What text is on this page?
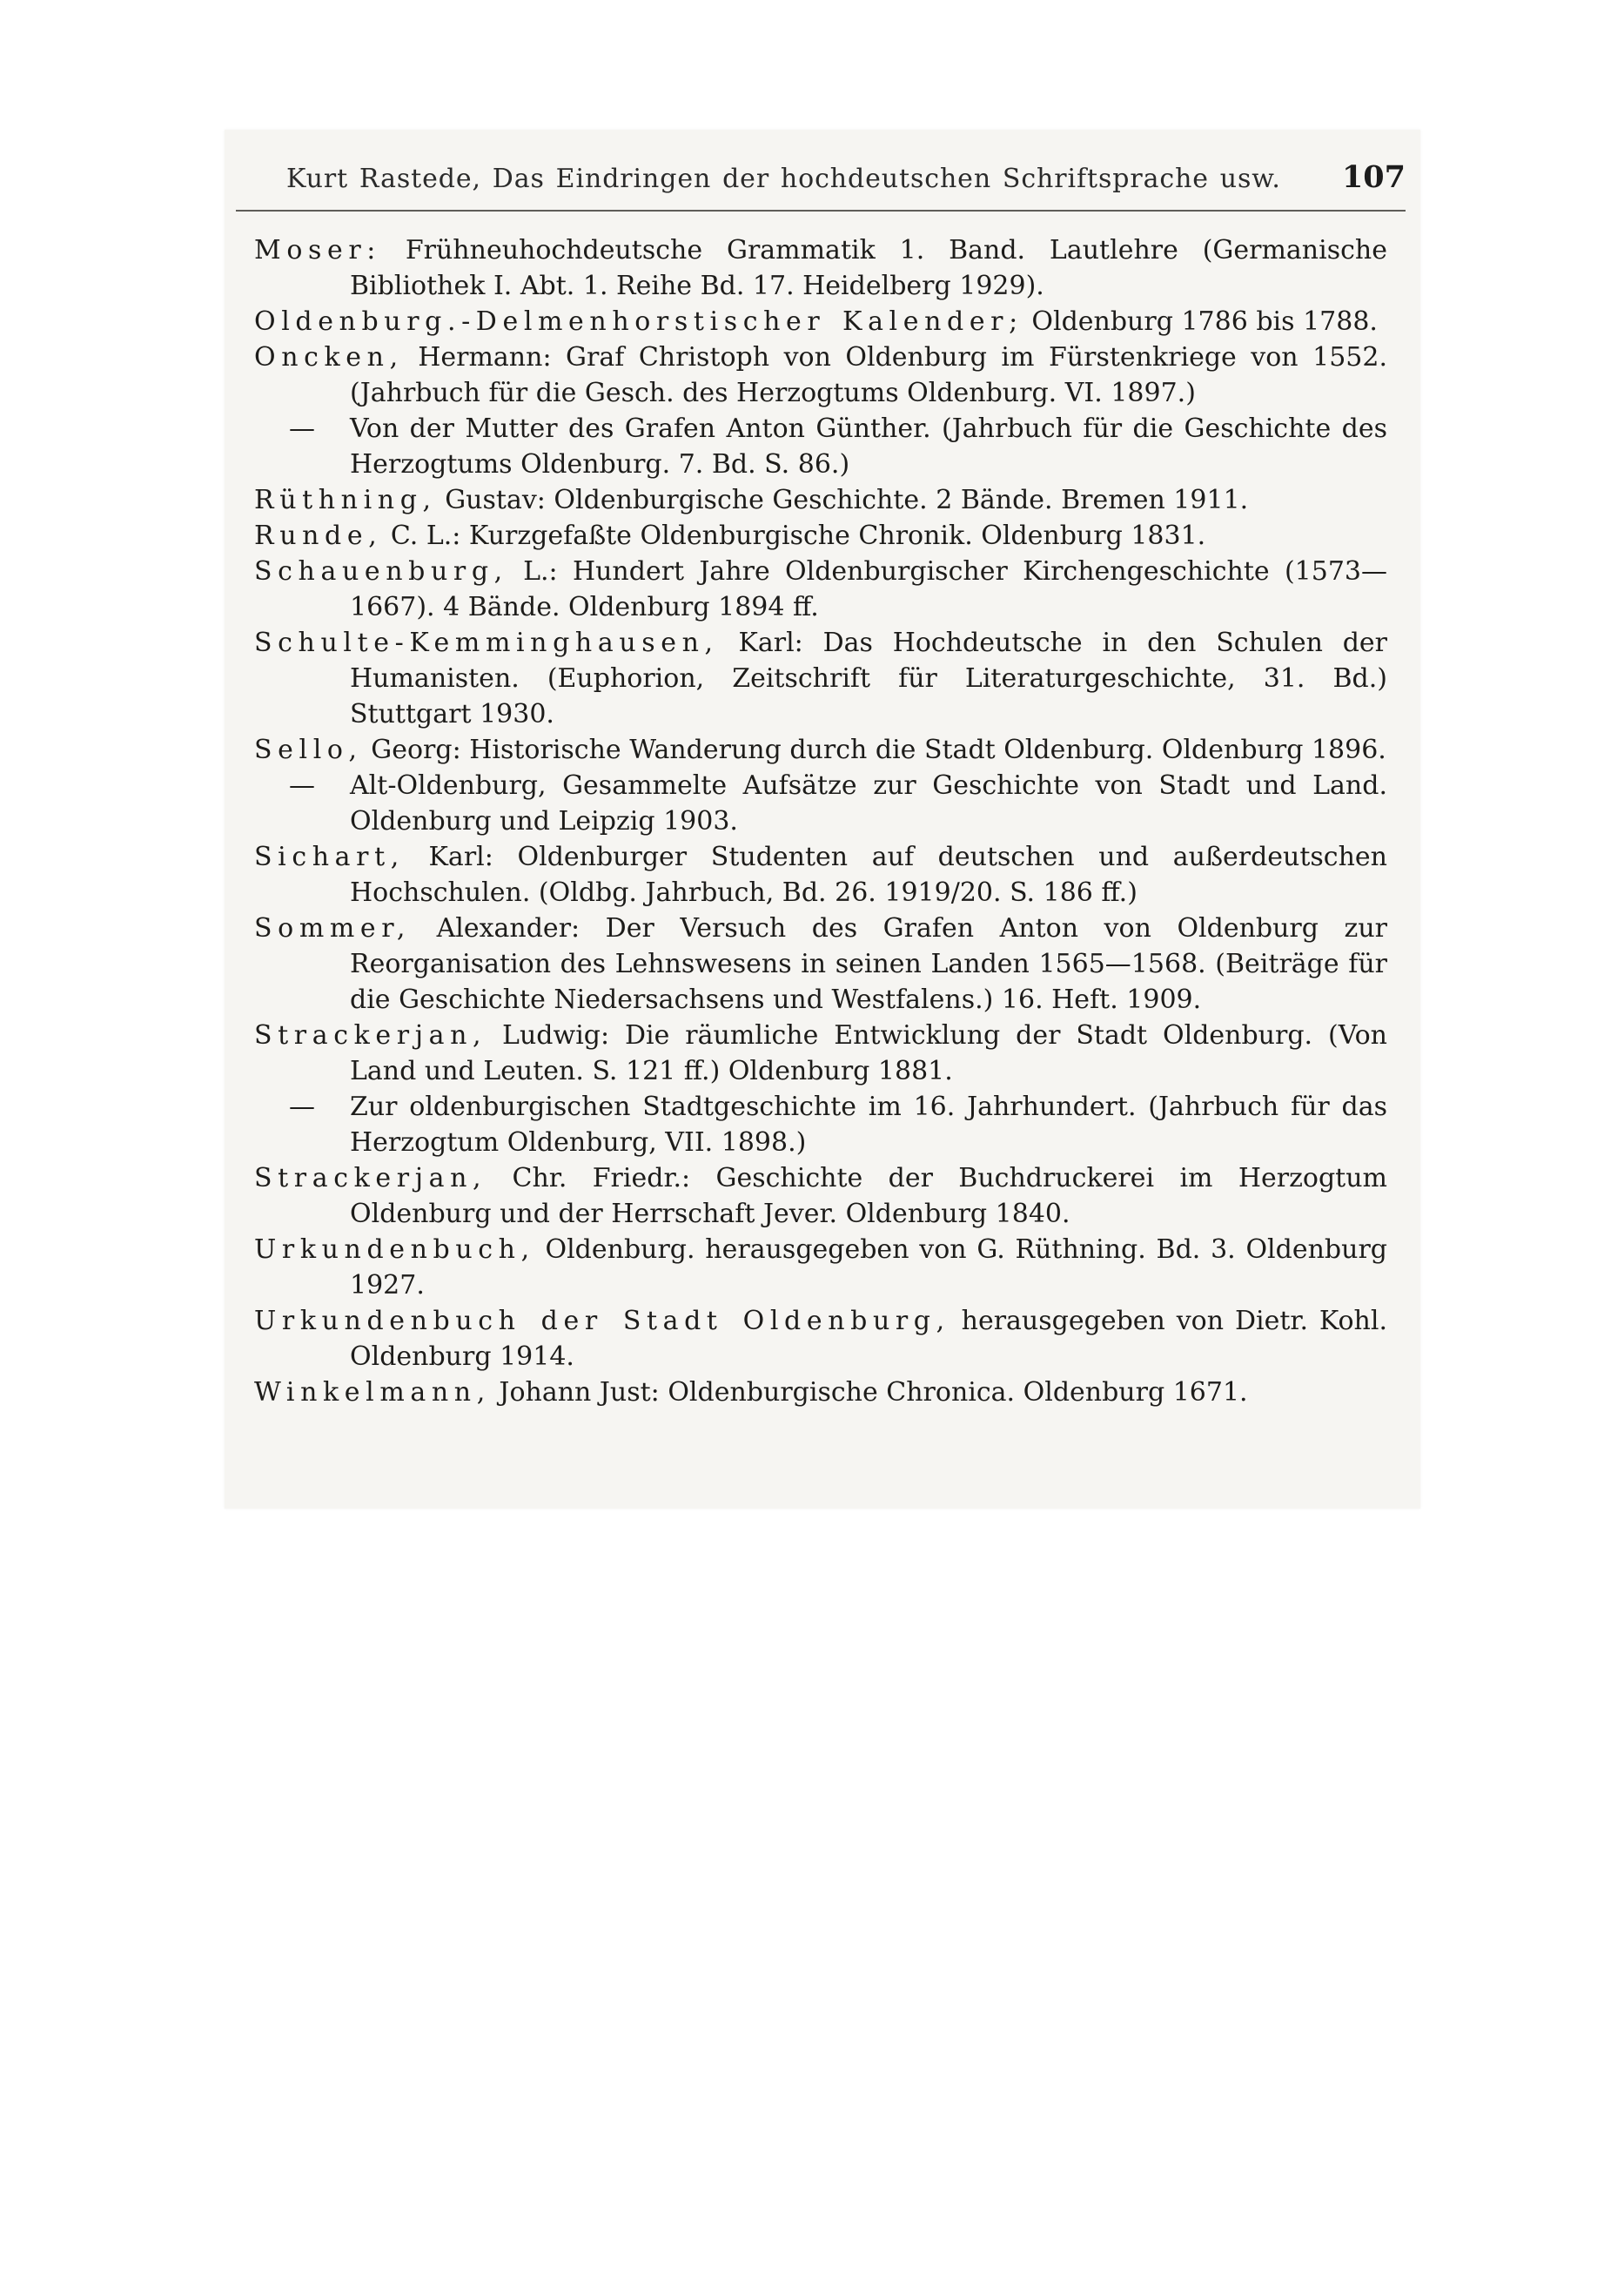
Kurt Rastede, Das Eindringen der hochdeutschen Schriftsprache usw. 107

Moser: Frühneuhochdeutsche Grammatik 1. Band. Lautlehre (Germanische Bibliothek I. Abt. 1. Reihe Bd. 17. Heidelberg 1929).

Oldenburg.-Delmenhorstischer Kalender; Oldenburg 1786 bis 1788.

Oncken, Hermann: Graf Christoph von Oldenburg im Fürstenkriege von 1552. (Jahrbuch für die Gesch. des Herzogtums Oldenburg. VI. 1897.)

— Von der Mutter des Grafen Anton Günther. (Jahrbuch für die Geschichte des Herzogtums Oldenburg. 7. Bd. S. 86.)

Rüthning, Gustav: Oldenburgische Geschichte. 2 Bände. Bremen 1911.

Runde, C. L.: Kurzgefaßte Oldenburgische Chronik. Oldenburg 1831.

Schauenburg, L.: Hundert Jahre Oldenburgischer Kirchengeschichte (1573—1667). 4 Bände. Oldenburg 1894 ff.

Schulte-Kemminghausen, Karl: Das Hochdeutsche in den Schulen der Humanisten. (Euphorion, Zeitschrift für Literaturgeschichte, 31. Bd.) Stuttgart 1930.

Sello, Georg: Historische Wanderung durch die Stadt Oldenburg. Oldenburg 1896.

— Alt-Oldenburg, Gesammelte Aufsätze zur Geschichte von Stadt und Land. Oldenburg und Leipzig 1903.

Sichart, Karl: Oldenburger Studenten auf deutschen und außerdeutschen Hochschulen. (Oldbg. Jahrbuch, Bd. 26. 1919/20. S. 186 ff.)

Sommer, Alexander: Der Versuch des Grafen Anton von Oldenburg zur Reorganisation des Lehnswesens in seinen Landen 1565—1568. (Beiträge für die Geschichte Niedersachsens und Westfalens.) 16. Heft. 1909.

Strackerjan, Ludwig: Die räumliche Entwicklung der Stadt Oldenburg. (Von Land und Leuten. S. 121 ff.) Oldenburg 1881.

— Zur oldenburgischen Stadtgeschichte im 16. Jahrhundert. (Jahrbuch für das Herzogtum Oldenburg, VII. 1898.)

Strackerjan, Chr. Friedr.: Geschichte der Buchdruckerei im Herzogtum Oldenburg und der Herrschaft Jever. Oldenburg 1840.

Urkundenbuch, Oldenburg. herausgegeben von G. Rüthning. Bd. 3. Oldenburg 1927.

Urkundenbuch der Stadt Oldenburg, herausgegeben von Dietr. Kohl. Oldenburg 1914.

Winkelmann, Johann Just: Oldenburgische Chronica. Oldenburg 1671.
